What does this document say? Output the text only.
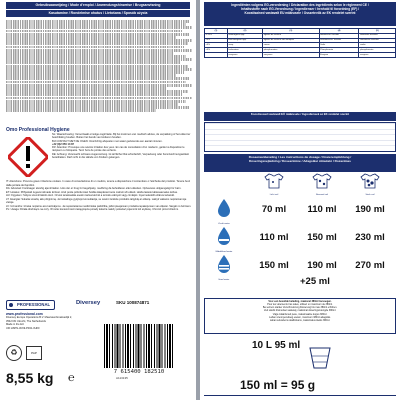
Gebruiksaanwijzing / Mode d'emploi / Anwendungshinweise / Brugsanvisning
Kasutamine / Rondelmise ohutus / Lietošana / Sposób użycia
Omo Professional Hygiene

NL: Waarschuwing: Veroorzaakt ernstige oogirritatie. Bij het inwinnen van medisch advies, de verpakking of het etiket ter beschikking houden. Buiten het bereik van kinderen houden.

BIJ CONTACT MET DE OGEN: Voorzichtig afspoelen met water gedurende een aantal minuten.

+32 (0)2 650 13 87

FR: Attention: Provoque une sévère irritation des yeux. En cas de consultation d'un médecin, garder à disposition le récipient ou l'étiquette. Tenir hors de portée des enfants.

DE: Achtung: Verursacht schwere Augenreizung. Ist ärztlicher Rat erforderlich, Verpackung oder Kennzeichnungsetikett bereithalten. Darf nicht in die Hände von Kindern gelangen.

IT: Attenzione: Provoca grave irritazione oculare. In caso di consultazione di un medico, tenere a disposizione il contenitore o l'etichetta del prodotto. Tenere fuori dalla portata dei bambini.

DA: Advarsel: Forårsager alvorlig øjenirritation. Hvis der er brug for lægehjælp, medbring da beholderen eller etiketten. Opbevares utilgængeligt for børn.

ET: Hoiatus: Põhjustab tugevat silmade ärritust. Arsti poole pöördumisel hoidke käepärast toote mahuti või etikett. Hoida lastele kättesaamatus kohas.

HU: Figyelem: Súlyos szemirritációt okoz. Orvosi tanácsadás esetén tartsa kéznél a termék edényét vagy címkéjét. Gyermekektől elzárva tartandó.

LT: Atsargiai: Sukelia smarkų akių dirginimą. Jei reikalinga gydytojo konsultacija, su savimi turėkite produkto talpyklą ar etiketę. Laikyti vaikams neprieinamoje vietoje.

LV: Uzmanību: Izraisa nopietnu acu kairinājumu. Ja nepieciešama medicīniska palīdzība, jābūt pieejamam produkta iepakojumam vai etiķetei. Sargāt no bērniem.

PL: Uwaga: Działa drażniąco na oczy. W razie konieczności zasięgnięcia porady lekarza należy pokazać pojemnik lub etykietę. Chronić przed dziećmi.

PROFESSIONAL	Diversey	SKU 100874871
www.professional.com
Diversey Europe Operations B.V. Maarssenbroeksedijk 2,
3542 DN Utrecht, The Netherlands
Made in the EU
UFI:HSPN-3C69-P002-VHKF
♻	PAP
8,55 kg ℮	7 615400 182510
A113135
Ingrediënten volgens EG-verordening / Déclaration des ingrédients selon le règlement CE /
Inhaltsstoffe nach EG-Verordnung / Ingredienser i henhold til forordning (EF) /
Koostisained vastavalt EÜ määrusele / Összetevők az EK rendelet szerint
(1)	(2)	(3)	(4)	(5)
5-15%	anionogene opp.	agents de surface	anionische Tenside	anioniske tensider
<5%	niet-ionogene opp.	agents de surface non ioniques	nichtionische Tenside	nonioniske tensider
<5%	zeep	savon	Seife	sæbe
<5%	fosfonaten	phosphonates	Phosphonate	phosphonater
	enzymen	enzymes	Enzyme	enzymer
Koostisosad vastavalt EÜ määrusele / Ingrediensek az EK rendelet szerint
Doseeraanbeveling / Les instructions de dosage / Dosierempfehlung /
Doseringsvejledning / Doseerimine / Adagolási útmutató / Dozavimas
Licht vuil	Normaal vuil	Sterk vuil
Zacht water
Middelhard water
Hard water
70 ml	110 ml	190 ml
110 ml	150 ml	230 ml
150 ml	190 ml	270 ml
+25 ml
Voor een bevuilde belading, maatsnel 380ml toevoegen.
Pour les vêtements très sales, utilisez un maximum de 380ml.
Bei extrem starker Verschmutzung Dosierung bis max 380ml erhöhen.
Ved stærkt tilsmudset vasketøj, maksimal doseringsmængde 380ml.
Väga määrdunud pesu, maksimaalne kogus 380ml.
Lahan szennyezettség esetén, maximum 380ml adagolás.
Labai nešvariems skalbiniams, maksimalus kiekis 380ml.
10 L 95 ml
150 ml = 95 g
